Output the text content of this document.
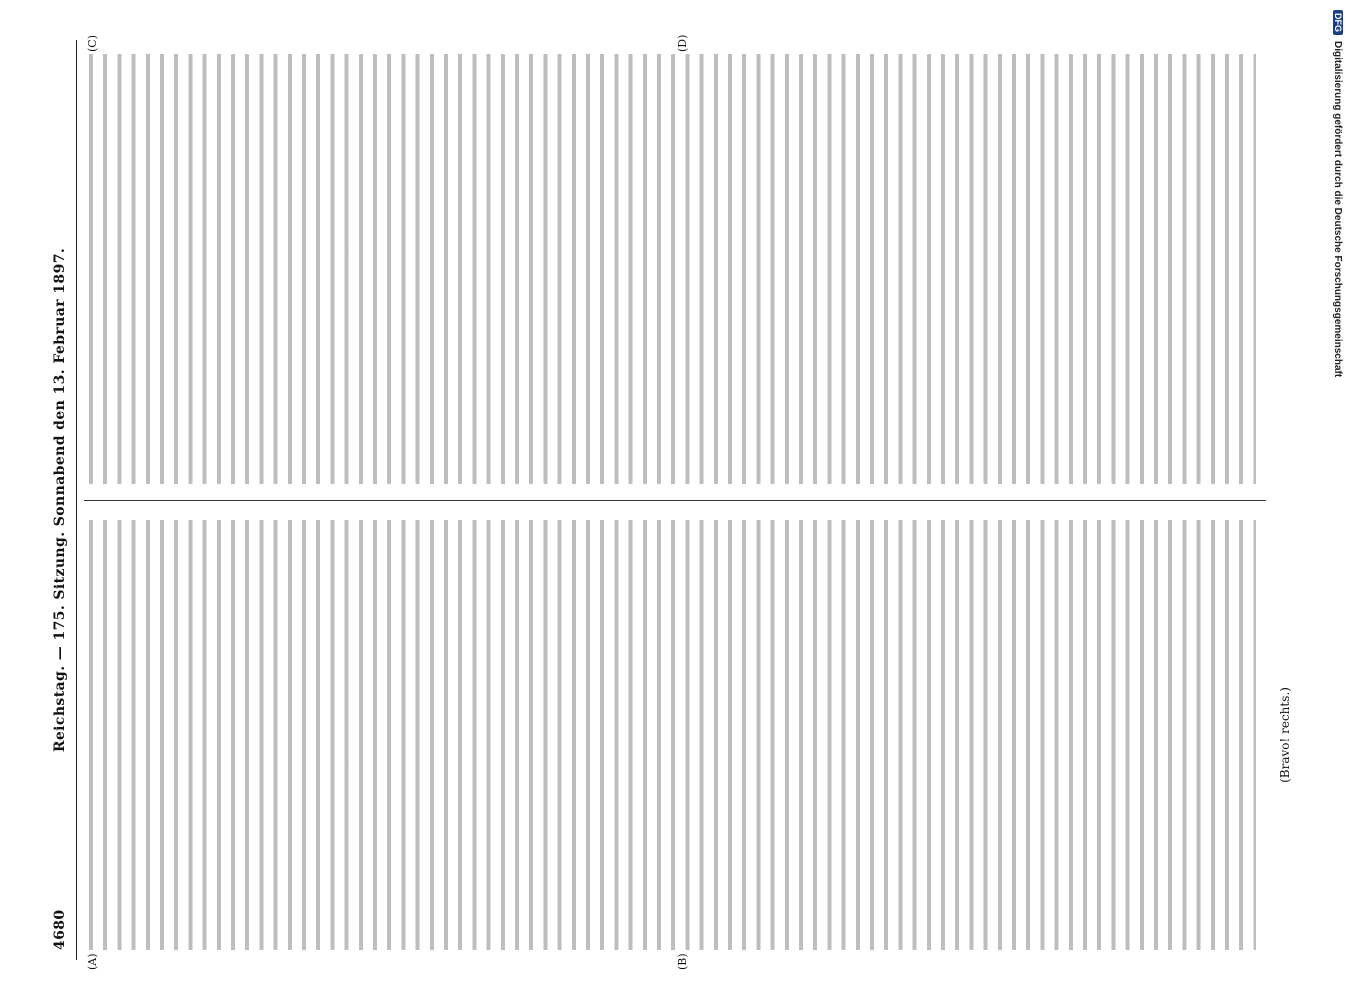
4680
Reichstag. — 175. Sitzung. Sonnabend den 13. Februar 1897.
(A)	(B)
(C)	(D)

(Bravo! rechts.)

DFGDigitalisierung gefördert durch die Deutsche Forschungsgemeinschaft
